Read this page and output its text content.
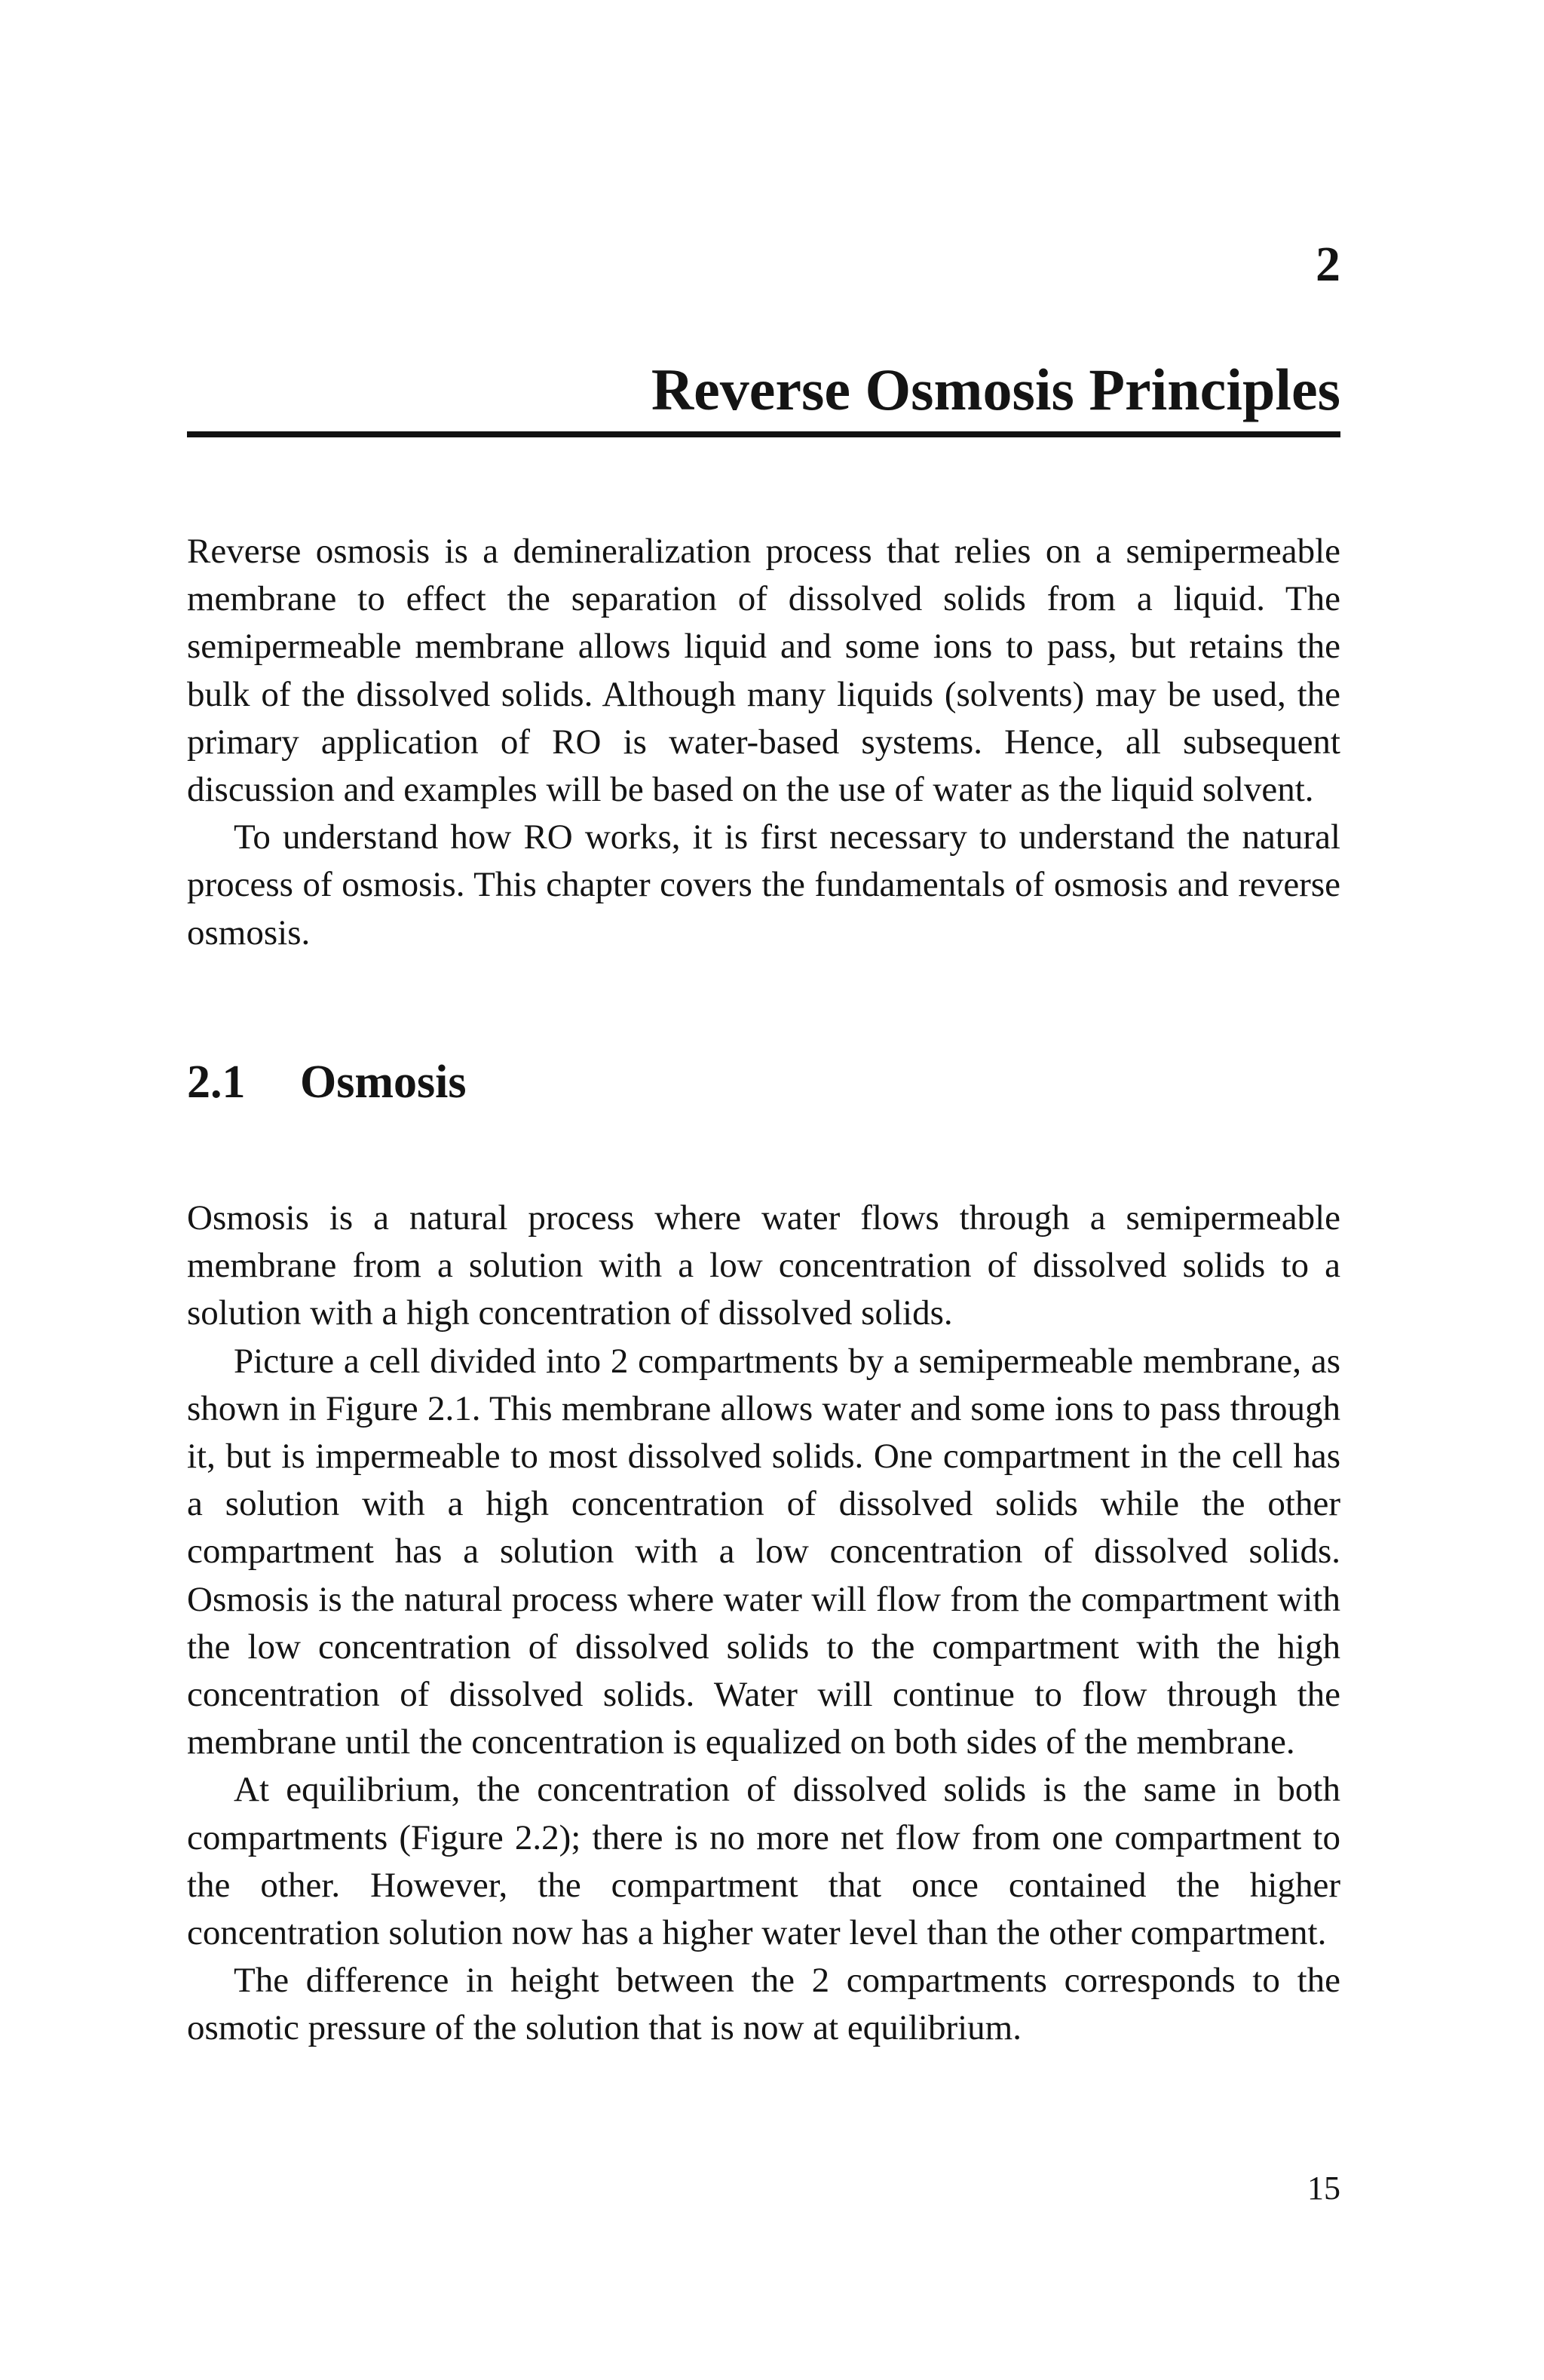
2
Reverse Osmosis Principles

Reverse osmosis is a demineralization process that relies on a semipermeable membrane to effect the separation of dissolved solids from a liquid. The semipermeable membrane allows liquid and some ions to pass, but retains the bulk of the dissolved solids. Although many liquids (solvents) may be used, the primary application of RO is water-based systems. Hence, all subsequent discussion and examples will be based on the use of water as the liquid solvent.

To understand how RO works, it is first necessary to understand the natural process of osmosis. This chapter covers the fundamentals of osmosis and reverse osmosis.

2.1 Osmosis

Osmosis is a natural process where water flows through a semipermeable membrane from a solution with a low concentration of dissolved solids to a solution with a high concentration of dissolved solids.

Picture a cell divided into 2 compartments by a semipermeable membrane, as shown in Figure 2.1. This membrane allows water and some ions to pass through it, but is impermeable to most dissolved solids. One compartment in the cell has a solution with a high concentration of dissolved solids while the other compartment has a solution with a low concentration of dissolved solids. Osmosis is the natural process where water will flow from the compartment with the low concentration of dissolved solids to the compartment with the high concentration of dissolved solids. Water will continue to flow through the membrane until the concentration is equalized on both sides of the membrane.

At equilibrium, the concentration of dissolved solids is the same in both compartments (Figure 2.2); there is no more net flow from one compartment to the other. However, the compartment that once contained the higher concentration solution now has a higher water level than the other compartment.

The difference in height between the 2 compartments corresponds to the osmotic pressure of the solution that is now at equilibrium.

15
